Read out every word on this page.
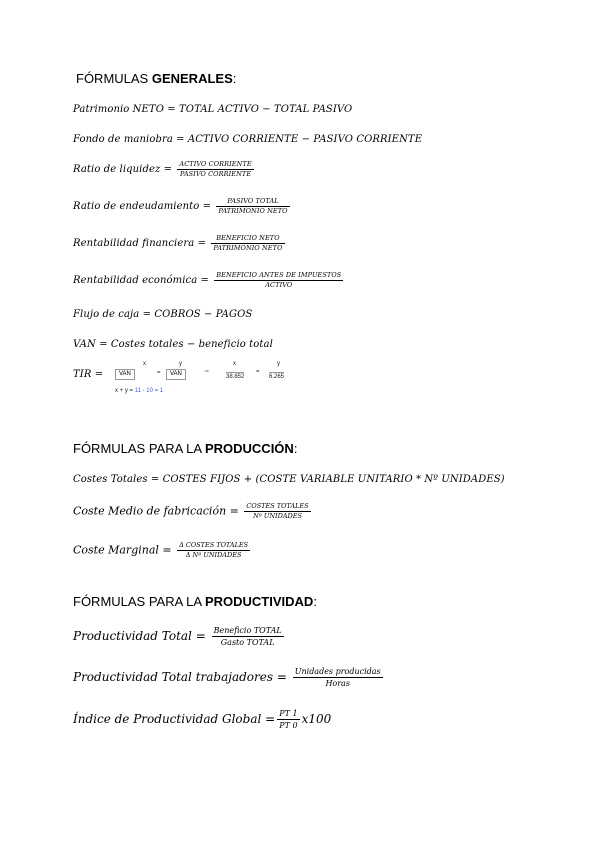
FÓRMULAS GENERALES:
Patrimonio NETO = TOTAL ACTIVO − TOTAL PASIVO
Fondo de maniobra = ACTIVO CORRIENTE − PASIVO CORRIENTE
Ratio de liquidez = $\frac{\text{ACTIVO CORRIENTE}}{\text{PASIVO CORRIENTE}}$
Ratio de endeudamiento = $\frac{\text{PASIVO TOTAL}}{\text{PATRIMONIO NETO}}$
Rentabilidad financiera = $\frac{\text{BENEFICIO NETO}}{\text{PATRIMONIO NETO}}$
Rentabilidad económica = $\frac{\text{BENEFICIO ANTES DE IMPUESTOS}}{\text{ACTIVO}}$
Flujo de caja = COBROS − PAGOS
VAN = Costes totales − beneficio total
TIR =
x
VAN	=
y
VAN	⇒
x
38.852
=
y
6.265
x + y = 11 - 10 = 1
FÓRMULAS PARA LA PRODUCCIÓN:
Costes Totales = COSTES FIJOS + (COSTE VARIABLE UNITARIO * Nº UNIDADES)
Coste Medio de fabricación = $\frac{\text{COSTES TOTALES}}{\text{Nº UNIDADES}}$
Coste Marginal = $\frac{\text{Δ COSTES TOTALES}}{\text{Δ Nº UNIDADES}}$
FÓRMULAS PARA LA PRODUCTIVIDAD:
Productividad Total = $\frac{\text{Beneficio TOTAL}}{\text{Gasto TOTAL}}$
Productividad Total trabajadores = $\frac{\text{Unidades producidas}}{\text{Horas}}$
Índice de Productividad Global = $\frac{PT 1}{PT 0} x100$
